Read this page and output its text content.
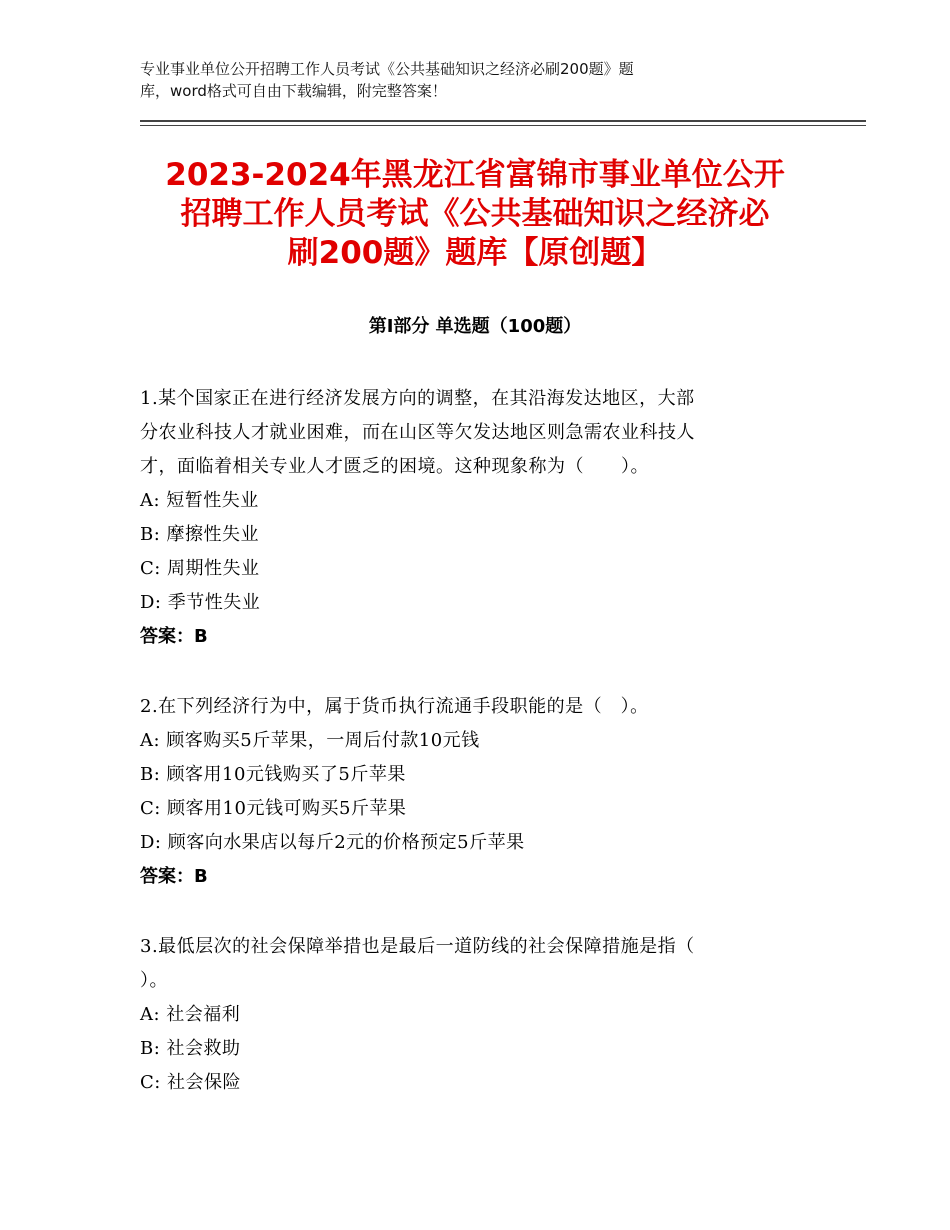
专业事业单位公开招聘工作人员考试《公共基础知识之经济必刷200题》题

库，word格式可自由下载编辑，附完整答案！

2023-2024年黑龙江省富锦市事业单位公开

招聘工作人员考试《公共基础知识之经济必

刷200题》题库【原创题】

第Ⅰ部分 单选题（100题）

1.某个国家正在进行经济发展方向的调整，在其沿海发达地区，大部

分农业科技人才就业困难，而在山区等欠发达地区则急需农业科技人

才，面临着相关专业人才匮乏的困境。这种现象称为（　　）。

A: 短暂性失业

B: 摩擦性失业

C: 周期性失业

D: 季节性失业

答案：B

2.在下列经济行为中，属于货币执行流通手段职能的是（　）。

A: 顾客购买5斤苹果，一周后付款10元钱

B: 顾客用10元钱购买了5斤苹果

C: 顾客用10元钱可购买5斤苹果

D: 顾客向水果店以每斤2元的价格预定5斤苹果

答案：B

3.最低层次的社会保障举措也是最后一道防线的社会保障措施是指（

）。

A: 社会福利

B: 社会救助

C: 社会保险
